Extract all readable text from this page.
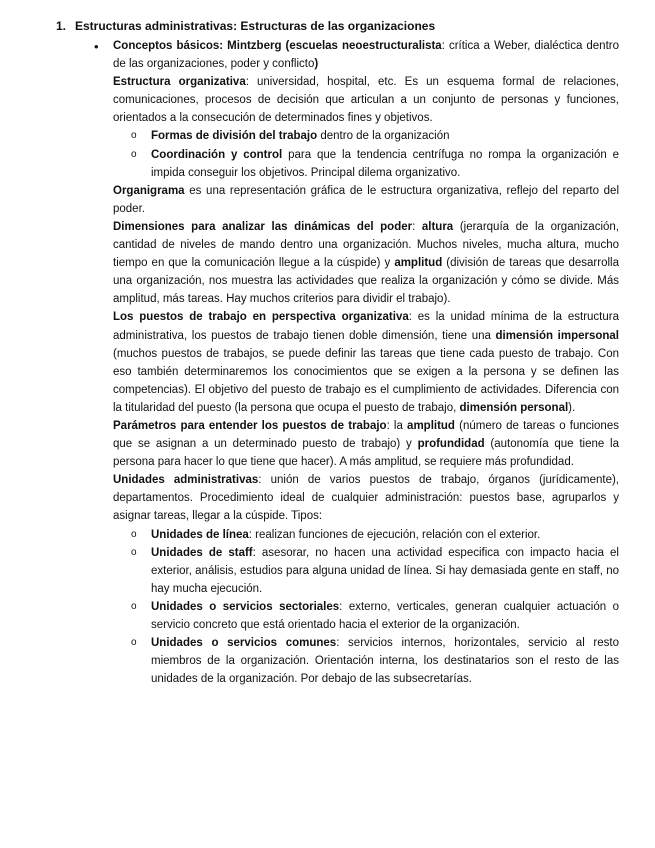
1. Estructuras administrativas: Estructuras de las organizaciones
• Conceptos básicos: Mintzberg (escuelas neoestructuralista: crítica a Weber, dialéctica dentro de las organizaciones, poder y conflicto)

Estructura organizativa: universidad, hospital, etc. Es un esquema formal de relaciones, comunicaciones, procesos de decisión que articulan a un conjunto de personas y funciones, orientados a la consecución de determinados fines y objetivos.

o Formas de división del trabajo dentro de la organización
o Coordinación y control para que la tendencia centrífuga no rompa la organización e impida conseguir los objetivos. Principal dilema organizativo.

Organigrama es una representación gráfica de le estructura organizativa, reflejo del reparto del poder.

Dimensiones para analizar las dinámicas del poder: altura (jerarquía de la organización, cantidad de niveles de mando dentro una organización. Muchos niveles, mucha altura, mucho tiempo en que la comunicación llegue a la cúspide) y amplitud (división de tareas que desarrolla una organización, nos muestra las actividades que realiza la organización y cómo se divide. Más amplitud, más tareas. Hay muchos criterios para dividir el trabajo).

Los puestos de trabajo en perspectiva organizativa: es la unidad mínima de la estructura administrativa, los puestos de trabajo tienen doble dimensión, tiene una dimensión impersonal (muchos puestos de trabajos, se puede definir las tareas que tiene cada puesto de trabajo. Con eso también determinaremos los conocimientos que se exigen a la persona y se definen las competencias). El objetivo del puesto de trabajo es el cumplimiento de actividades. Diferencia con la titularidad del puesto (la persona que ocupa el puesto de trabajo, dimensión personal).

Parámetros para entender los puestos de trabajo: la amplitud (número de tareas o funciones que se asignan a un determinado puesto de trabajo) y profundidad (autonomía que tiene la persona para hacer lo que tiene que hacer). A más amplitud, se requiere más profundidad.

Unidades administrativas: unión de varios puestos de trabajo, órganos (jurídicamente), departamentos. Procedimiento ideal de cualquier administración: puestos base, agruparlos y asignar tareas, llegar a la cúspide. Tipos:

o Unidades de línea: realizan funciones de ejecución, relación con el exterior.
o Unidades de staff: asesorar, no hacen una actividad especifica con impacto hacia el exterior, análisis, estudios para alguna unidad de línea. Si hay demasiada gente en staff, no hay mucha ejecución.
o Unidades o servicios sectoriales: externo, verticales, generan cualquier actuación o servicio concreto que está orientado hacia el exterior de la organización.
o Unidades o servicios comunes: servicios internos, horizontales, servicio al resto miembros de la organización. Orientación interna, los destinatarios son el resto de las unidades de la organización. Por debajo de las subsecretarías.
